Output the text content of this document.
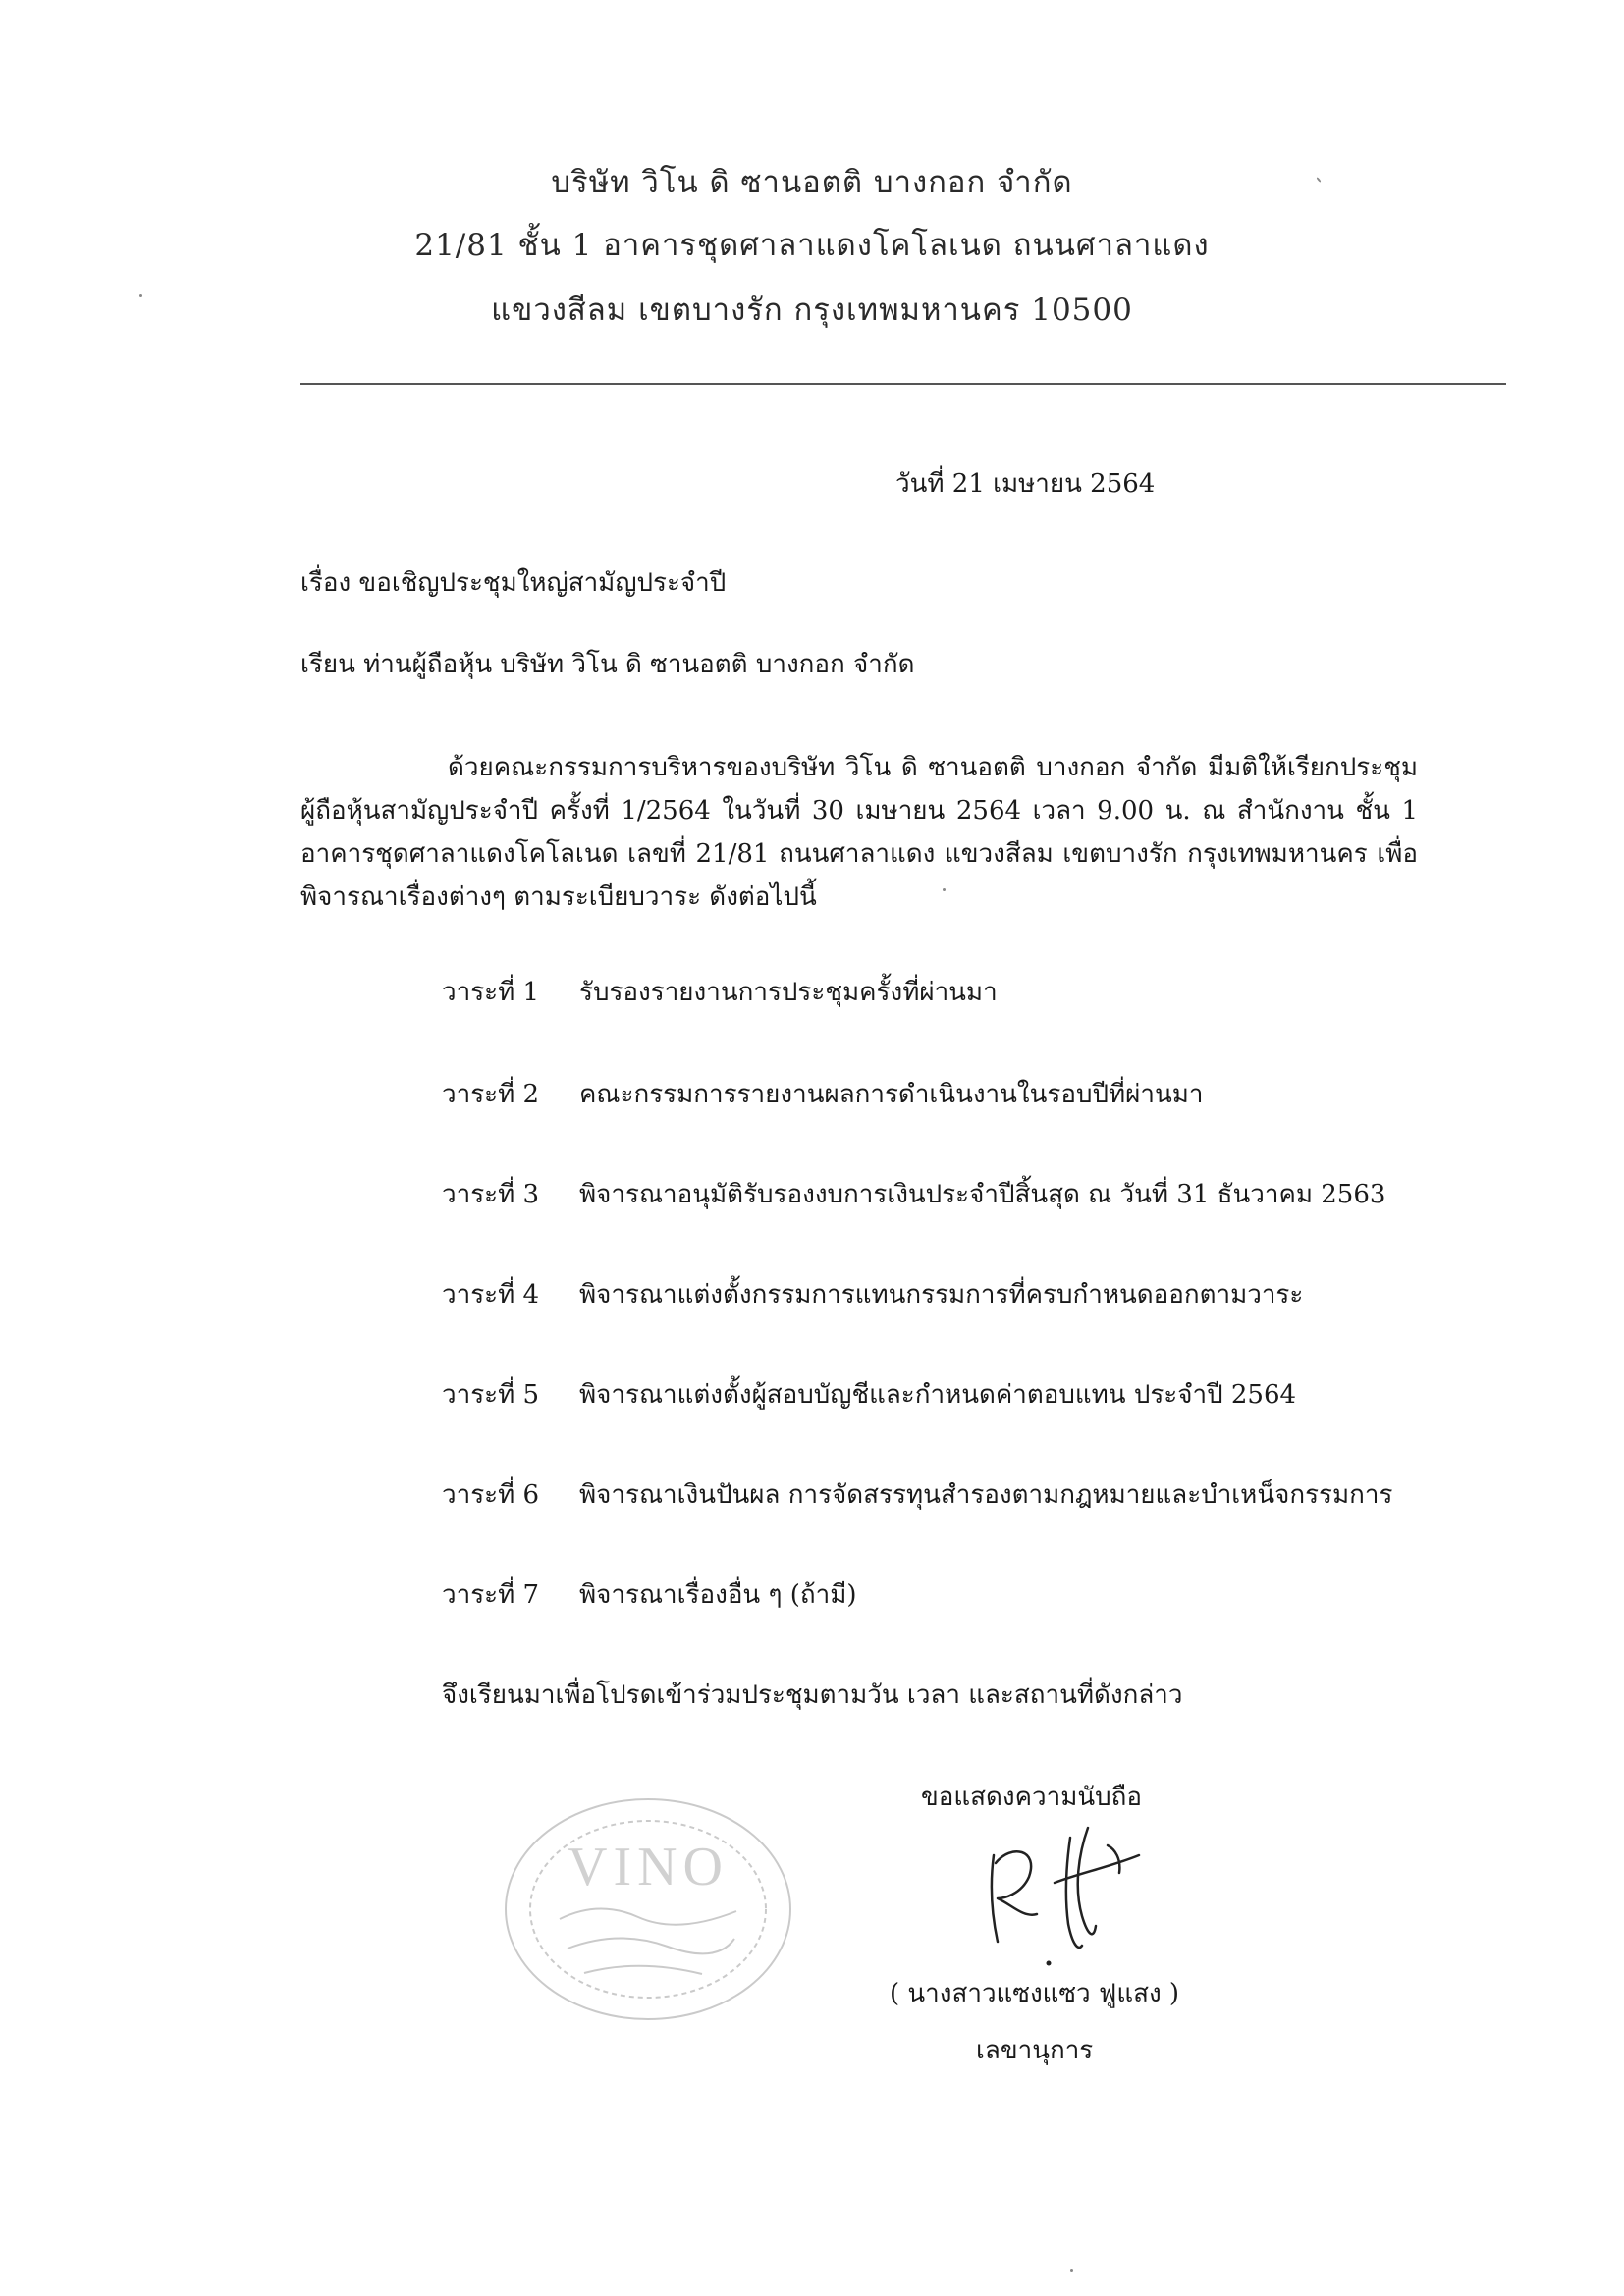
บริษัท วิโน ดิ ซานอตติ บางกอก จำกัด
21/81 ชั้น 1 อาคารชุดศาลาแดงโคโลเนด ถนนศาลาแดง
แขวงสีลม เขตบางรัก กรุงเทพมหานคร 10500
วันที่ 21 เมษายน 2564
เรื่อง ขอเชิญประชุมใหญ่สามัญประจำปี
เรียน ท่านผู้ถือหุ้น บริษัท วิโน ดิ ซานอตติ บางกอก จำกัด
ด้วยคณะกรรมการบริหารของบริษัท วิโน ดิ ซานอตติ บางกอก จำกัด มีมติให้เรียกประชุม
ผู้ถือหุ้นสามัญประจำปี ครั้งที่ 1/2564 ในวันที่ 30 เมษายน 2564 เวลา 9.00 น. ณ สำนักงาน ชั้น 1
อาคารชุดศาลาแดงโคโลเนด เลขที่ 21/81 ถนนศาลาแดง แขวงสีลม เขตบางรัก กรุงเทพมหานคร เพื่อ
พิจารณาเรื่องต่างๆ ตามระเบียบวาระ ดังต่อไปนี้
วาระที่ 1 รับรองรายงานการประชุมครั้งที่ผ่านมา
วาระที่ 2 คณะกรรมการรายงานผลการดำเนินงานในรอบปีที่ผ่านมา
วาระที่ 3 พิจารณาอนุมัติรับรองงบการเงินประจำปีสิ้นสุด ณ วันที่ 31 ธันวาคม 2563
วาระที่ 4 พิจารณาแต่งตั้งกรรมการแทนกรรมการที่ครบกำหนดออกตามวาระ
วาระที่ 5 พิจารณาแต่งตั้งผู้สอบบัญชีและกำหนดค่าตอบแทน ประจำปี 2564
วาระที่ 6 พิจารณาเงินปันผล การจัดสรรทุนสำรองตามกฎหมายและบำเหน็จกรรมการ
วาระที่ 7 พิจารณาเรื่องอื่น ๆ (ถ้ามี)
จึงเรียนมาเพื่อโปรดเข้าร่วมประชุมตามวัน เวลา และสถานที่ดังกล่าว
ขอแสดงความนับถือ
VINO
( นางสาวแซงแซว ฟูแสง )
เลขานุการ
